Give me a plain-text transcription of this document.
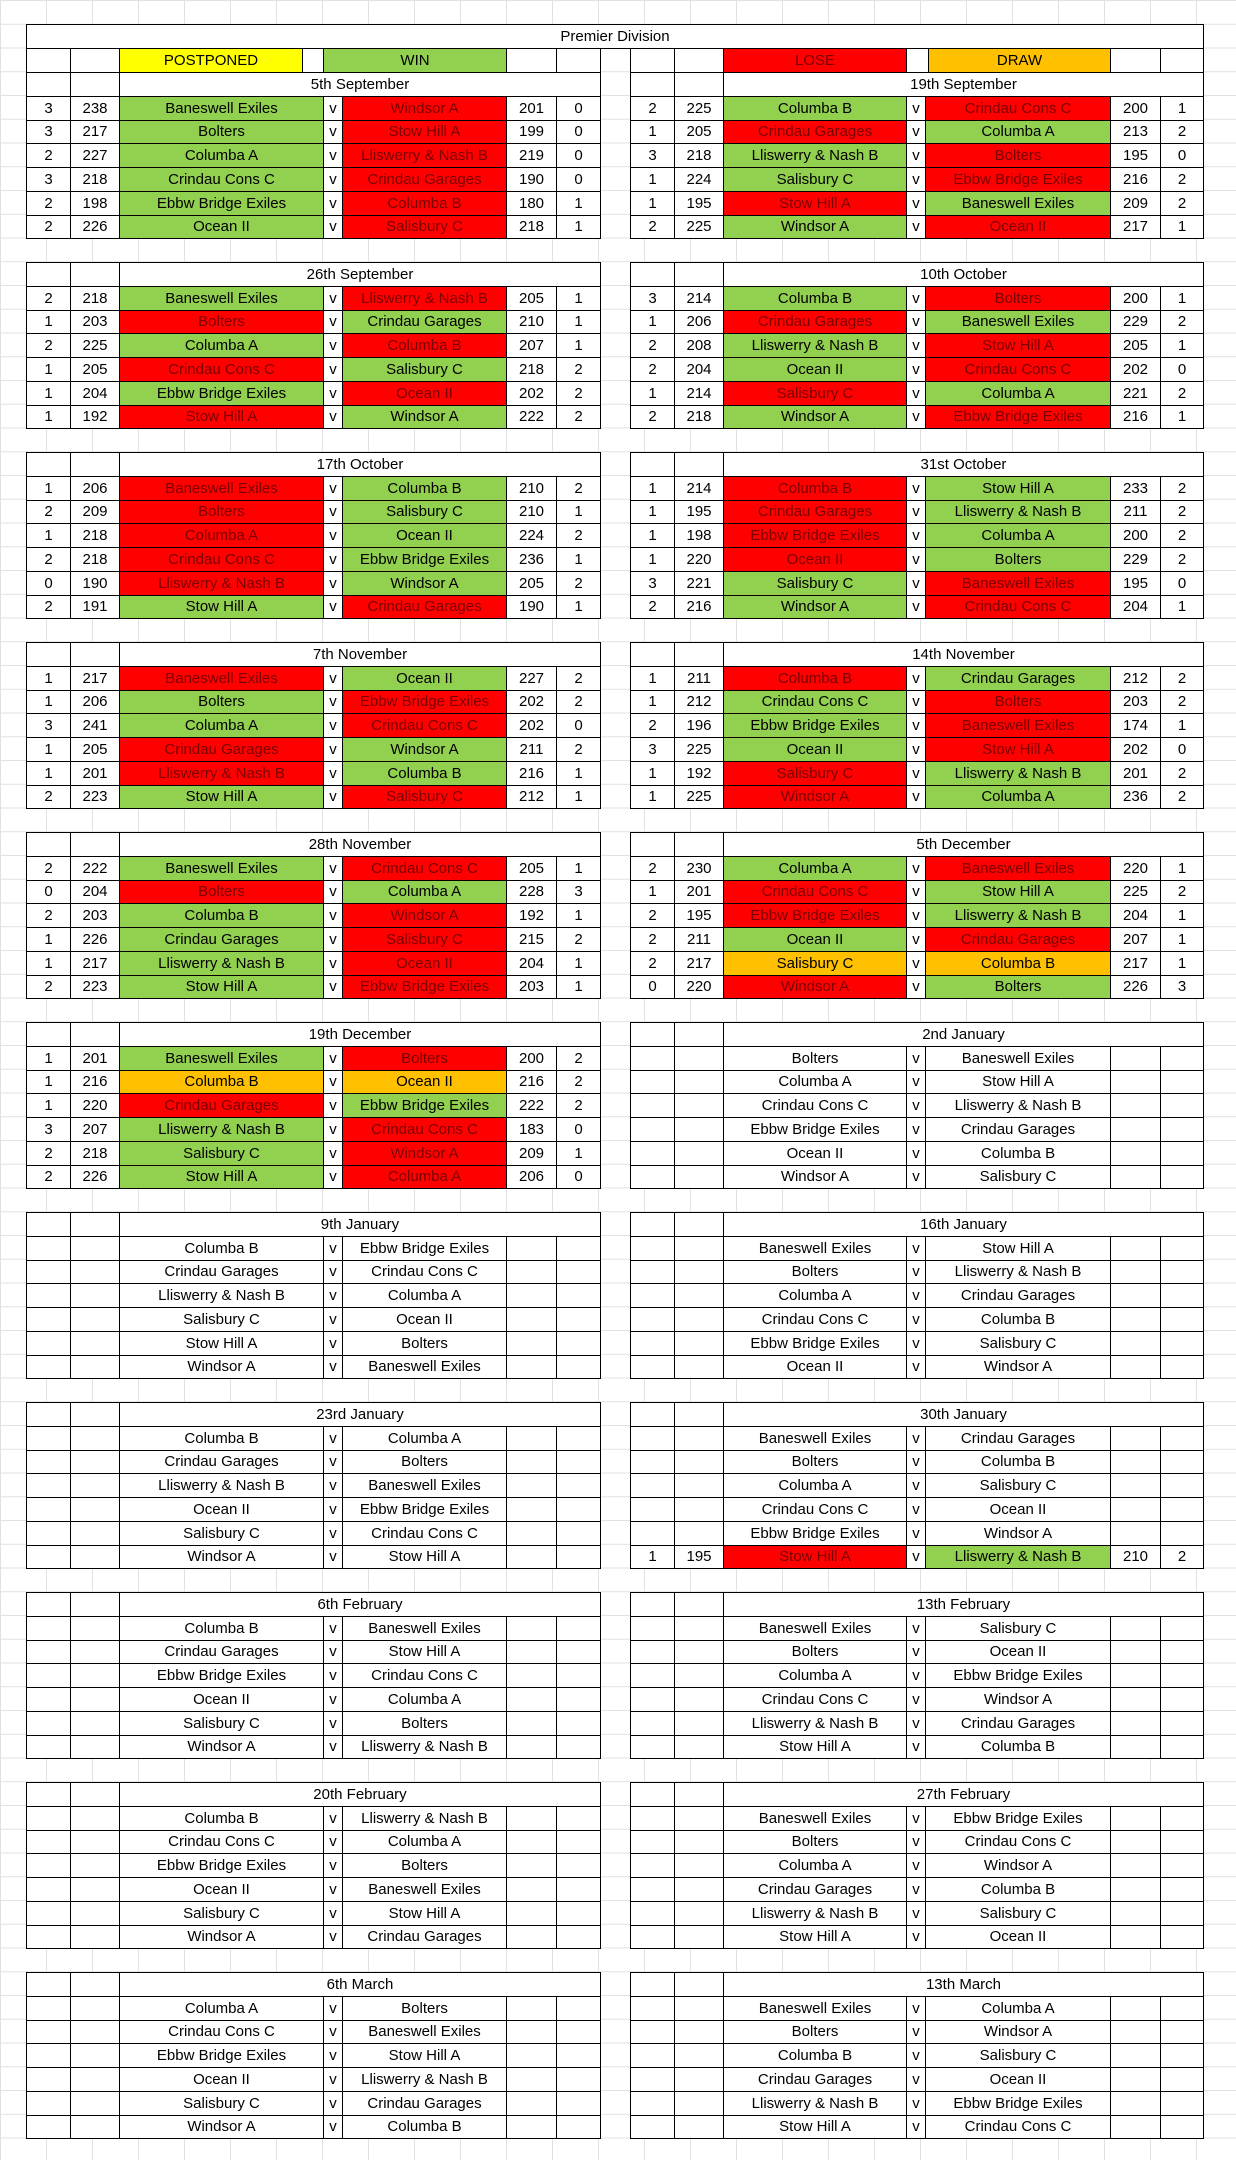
Premier Division
POSTPONED	WIN	LOSE	DRAW
5th September
3	238	Baneswell Exiles	v	Windsor A	201	0
3	217	Bolters	v	Stow Hill A	199	0
2	227	Columba A	v	Lliswerry & Nash B	219	0
3	218	Crindau Cons C	v	Crindau Garages	190	0
2	198	Ebbw Bridge Exiles	v	Columba B	180	1
2	226	Ocean II	v	Salisbury C	218	1
19th September
2	225	Columba B	v	Crindau Cons C	200	1
1	205	Crindau Garages	v	Columba A	213	2
3	218	Lliswerry & Nash B	v	Bolters	195	0
1	224	Salisbury C	v	Ebbw Bridge Exiles	216	2
1	195	Stow Hill A	v	Baneswell Exiles	209	2
2	225	Windsor A	v	Ocean II	217	1
26th September
2	218	Baneswell Exiles	v	Lliswerry & Nash B	205	1
1	203	Bolters	v	Crindau Garages	210	1
2	225	Columba A	v	Columba B	207	1
1	205	Crindau Cons C	v	Salisbury C	218	2
1	204	Ebbw Bridge Exiles	v	Ocean II	202	2
1	192	Stow Hill A	v	Windsor A	222	2
10th October
3	214	Columba B	v	Bolters	200	1
1	206	Crindau Garages	v	Baneswell Exiles	229	2
2	208	Lliswerry & Nash B	v	Stow Hill A	205	1
2	204	Ocean II	v	Crindau Cons C	202	0
1	214	Salisbury C	v	Columba A	221	2
2	218	Windsor A	v	Ebbw Bridge Exiles	216	1
17th October
1	206	Baneswell Exiles	v	Columba B	210	2
2	209	Bolters	v	Salisbury C	210	1
1	218	Columba A	v	Ocean II	224	2
2	218	Crindau Cons C	v	Ebbw Bridge Exiles	236	1
0	190	Lliswerry & Nash B	v	Windsor A	205	2
2	191	Stow Hill A	v	Crindau Garages	190	1
31st October
1	214	Columba B	v	Stow Hill A	233	2
1	195	Crindau Garages	v	Lliswerry & Nash B	211	2
1	198	Ebbw Bridge Exiles	v	Columba A	200	2
1	220	Ocean II	v	Bolters	229	2
3	221	Salisbury C	v	Baneswell Exiles	195	0
2	216	Windsor A	v	Crindau Cons C	204	1
7th November
1	217	Baneswell Exiles	v	Ocean II	227	2
1	206	Bolters	v	Ebbw Bridge Exiles	202	2
3	241	Columba A	v	Crindau Cons C	202	0
1	205	Crindau Garages	v	Windsor A	211	2
1	201	Lliswerry & Nash B	v	Columba B	216	1
2	223	Stow Hill A	v	Salisbury C	212	1
14th November
1	211	Columba B	v	Crindau Garages	212	2
1	212	Crindau Cons C	v	Bolters	203	2
2	196	Ebbw Bridge Exiles	v	Baneswell Exiles	174	1
3	225	Ocean II	v	Stow Hill A	202	0
1	192	Salisbury C	v	Lliswerry & Nash B	201	2
1	225	Windsor A	v	Columba A	236	2
28th November
2	222	Baneswell Exiles	v	Crindau Cons C	205	1
0	204	Bolters	v	Columba A	228	3
2	203	Columba B	v	Windsor A	192	1
1	226	Crindau Garages	v	Salisbury C	215	2
1	217	Lliswerry & Nash B	v	Ocean II	204	1
2	223	Stow Hill A	v	Ebbw Bridge Exiles	203	1
5th December
2	230	Columba A	v	Baneswell Exiles	220	1
1	201	Crindau Cons C	v	Stow Hill A	225	2
2	195	Ebbw Bridge Exiles	v	Lliswerry & Nash B	204	1
2	211	Ocean II	v	Crindau Garages	207	1
2	217	Salisbury C	v	Columba B	217	1
0	220	Windsor A	v	Bolters	226	3
19th December
1	201	Baneswell Exiles	v	Bolters	200	2
1	216	Columba B	v	Ocean II	216	2
1	220	Crindau Garages	v	Ebbw Bridge Exiles	222	2
3	207	Lliswerry & Nash B	v	Crindau Cons C	183	0
2	218	Salisbury C	v	Windsor A	209	1
2	226	Stow Hill A	v	Columba A	206	0
2nd January
Bolters	v	Baneswell Exiles
Columba A	v	Stow Hill A
Crindau Cons C	v	Lliswerry & Nash B
Ebbw Bridge Exiles	v	Crindau Garages
Ocean II	v	Columba B
Windsor A	v	Salisbury C
9th January
Columba B	v	Ebbw Bridge Exiles
Crindau Garages	v	Crindau Cons C
Lliswerry & Nash B	v	Columba A
Salisbury C	v	Ocean II
Stow Hill A	v	Bolters
Windsor A	v	Baneswell Exiles
16th January
Baneswell Exiles	v	Stow Hill A
Bolters	v	Lliswerry & Nash B
Columba A	v	Crindau Garages
Crindau Cons C	v	Columba B
Ebbw Bridge Exiles	v	Salisbury C
Ocean II	v	Windsor A
23rd January
Columba B	v	Columba A
Crindau Garages	v	Bolters
Lliswerry & Nash B	v	Baneswell Exiles
Ocean II	v	Ebbw Bridge Exiles
Salisbury C	v	Crindau Cons C
Windsor A	v	Stow Hill A
30th January
Baneswell Exiles	v	Crindau Garages
Bolters	v	Columba B
Columba A	v	Salisbury C
Crindau Cons C	v	Ocean II
Ebbw Bridge Exiles	v	Windsor A
1	195	Stow Hill A	v	Lliswerry & Nash B	210	2
6th February
Columba B	v	Baneswell Exiles
Crindau Garages	v	Stow Hill A
Ebbw Bridge Exiles	v	Crindau Cons C
Ocean II	v	Columba A
Salisbury C	v	Bolters
Windsor A	v	Lliswerry & Nash B
13th February
Baneswell Exiles	v	Salisbury C
Bolters	v	Ocean II
Columba A	v	Ebbw Bridge Exiles
Crindau Cons C	v	Windsor A
Lliswerry & Nash B	v	Crindau Garages
Stow Hill A	v	Columba B
20th February
Columba B	v	Lliswerry & Nash B
Crindau Cons C	v	Columba A
Ebbw Bridge Exiles	v	Bolters
Ocean II	v	Baneswell Exiles
Salisbury C	v	Stow Hill A
Windsor A	v	Crindau Garages
27th February
Baneswell Exiles	v	Ebbw Bridge Exiles
Bolters	v	Crindau Cons C
Columba A	v	Windsor A
Crindau Garages	v	Columba B
Lliswerry & Nash B	v	Salisbury C
Stow Hill A	v	Ocean II
6th March
Columba A	v	Bolters
Crindau Cons C	v	Baneswell Exiles
Ebbw Bridge Exiles	v	Stow Hill A
Ocean II	v	Lliswerry & Nash B
Salisbury C	v	Crindau Garages
Windsor A	v	Columba B
13th March
Baneswell Exiles	v	Columba A
Bolters	v	Windsor A
Columba B	v	Salisbury C
Crindau Garages	v	Ocean II
Lliswerry & Nash B	v	Ebbw Bridge Exiles
Stow Hill A	v	Crindau Cons C
